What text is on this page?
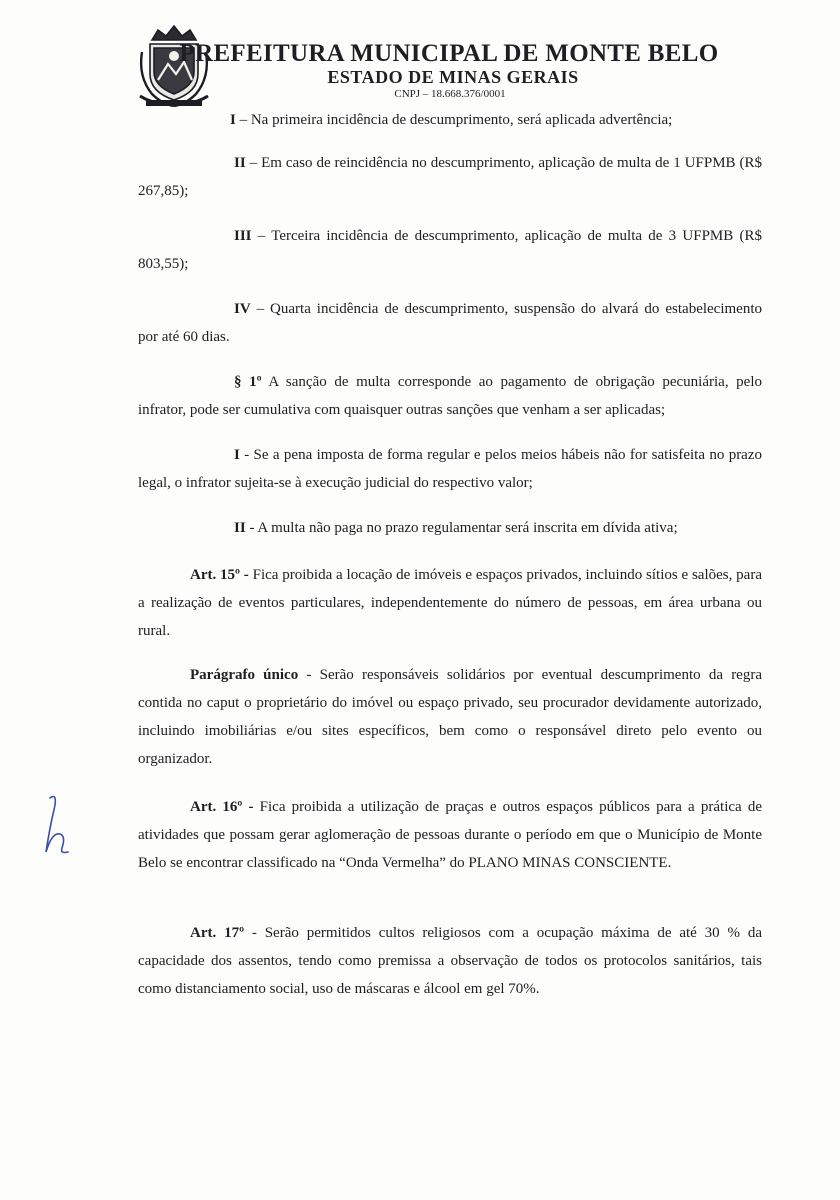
PREFEITURA MUNICIPAL DE MONTE BELO
ESTADO DE MINAS GERAIS
CNPJ – 18.668.376/0001

I – Na primeira incidência de descumprimento, será aplicada advertência;

II – Em caso de reincidência no descumprimento, aplicação de multa de 1 UFPMB (R$ 267,85);

III – Terceira incidência de descumprimento, aplicação de multa de 3 UFPMB (R$ 803,55);

IV – Quarta incidência de descumprimento, suspensão do alvará do estabelecimento por até 60 dias.

§ 1º A sanção de multa corresponde ao pagamento de obrigação pecuniária, pelo infrator, pode ser cumulativa com quaisquer outras sanções que venham a ser aplicadas;

I - Se a pena imposta de forma regular e pelos meios hábeis não for satisfeita no prazo legal, o infrator sujeita-se à execução judicial do respectivo valor;

II - A multa não paga no prazo regulamentar será inscrita em dívida ativa;

Art. 15º - Fica proibida a locação de imóveis e espaços privados, incluindo sítios e salões, para a realização de eventos particulares, independentemente do número de pessoas, em área urbana ou rural.

Parágrafo único - Serão responsáveis solidários por eventual descumprimento da regra contida no caput o proprietário do imóvel ou espaço privado, seu procurador devidamente autorizado, incluindo imobiliárias e/ou sites específicos, bem como o responsável direto pelo evento ou organizador.

Art. 16º - Fica proibida a utilização de praças e outros espaços públicos para a prática de atividades que possam gerar aglomeração de pessoas durante o período em que o Município de Monte Belo se encontrar classificado na “Onda Vermelha” do PLANO MINAS CONSCIENTE.

Art. 17º - Serão permitidos cultos religiosos com a ocupação máxima de até 30 % da capacidade dos assentos, tendo como premissa a observação de todos os protocolos sanitários, tais como distanciamento social, uso de máscaras e álcool em gel 70%.
